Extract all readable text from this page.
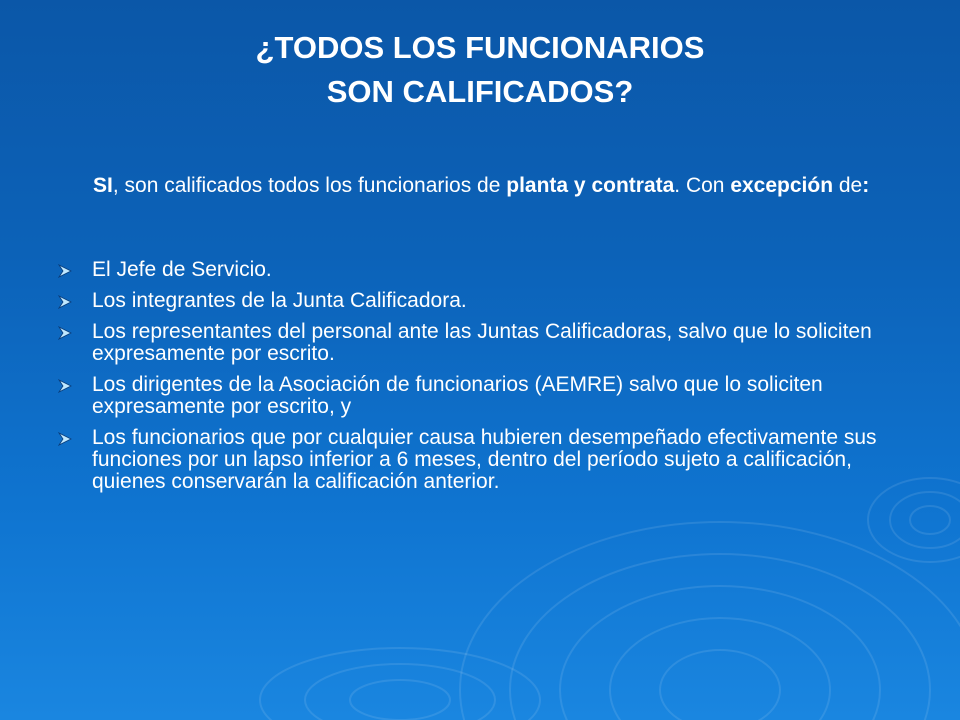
¿TODOS LOS FUNCIONARIOS
SON CALIFICADOS?
SI, son calificados todos los funcionarios de planta y contrata. Con excepción de:
El Jefe de Servicio.
Los integrantes de la Junta Calificadora.
Los representantes del personal ante las Juntas Calificadoras, salvo que lo soliciten expresamente por escrito.
Los dirigentes de la Asociación de funcionarios (AEMRE) salvo que lo soliciten expresamente por escrito, y
Los funcionarios que por cualquier causa hubieren desempeñado efectivamente sus funciones por un lapso inferior a 6 meses, dentro del período sujeto a calificación, quienes conservarán la calificación anterior.
